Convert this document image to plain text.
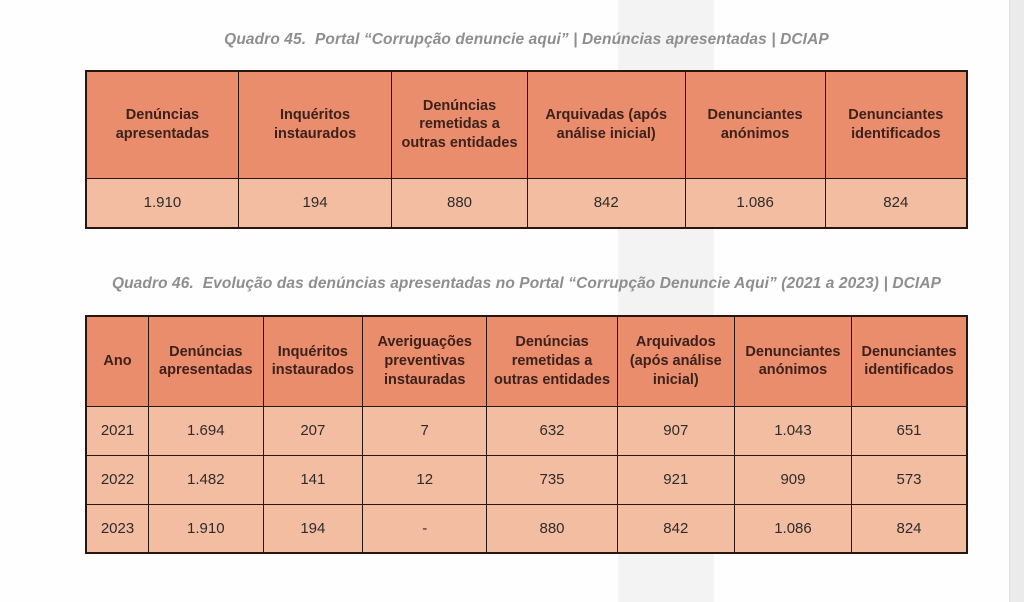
Quadro 45.  Portal “Corrupção denuncie aqui” | Denúncias apresentadas | DCIAP
Denúncias apresentadas	Inquéritos instaurados	Denúncias remetidas a outras entidades	Arquivadas (após análise inicial)	Denunciantes anónimos	Denunciantes identificados
1.910	194	880	842	1.086	824
Quadro 46.  Evolução das denúncias apresentadas no Portal “Corrupção Denuncie Aqui” (2021 a 2023) | DCIAP
Ano	Denúncias apresentadas	Inquéritos instaurados	Averiguações preventivas instauradas	Denúncias remetidas a outras entidades	Arquivados (após análise inicial)	Denunciantes anónimos	Denunciantes identificados
2021	1.694	207	7	632	907	1.043	651
2022	1.482	141	12	735	921	909	573
2023	1.910	194	-	880	842	1.086	824
